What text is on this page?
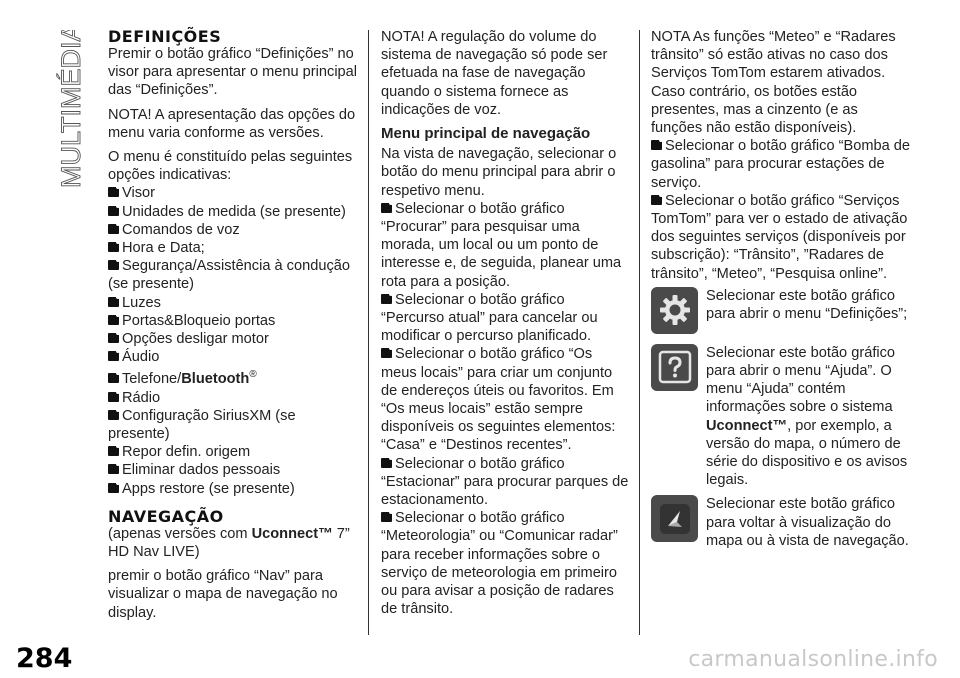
MULTIMÉDIA
284
DEFINIÇÕES

Premir o botão gráfico “Definições” no visor para apresentar o menu principal das “Definições”.

NOTA! A apresentação das opções do menu varia conforme as versões.

O menu é constituído pelas seguintes opções indicativas:

Visor
Unidades de medida (se presente)
Comandos de voz
Hora e Data;
Segurança/Assistência à condução (se presente)
Luzes
Portas&Bloqueio portas
Opções desligar motor
Áudio
Telefone/Bluetooth®
Rádio
Configuração SiriusXM (se presente)
Repor defin. origem
Eliminar dados pessoais
Apps restore (se presente)
NAVEGAÇÃO

(apenas versões com Uconnect™ 7” HD Nav LIVE)

premir o botão gráfico “Nav” para visualizar o mapa de navegação no display.

NOTA! A regulação do volume do sistema de navegação só pode ser efetuada na fase de navegação quando o sistema fornece as indicações de voz.

Menu principal de navegação

Na vista de navegação, selecionar o botão do menu principal para abrir o respetivo menu.

Selecionar o botão gráfico “Procurar” para pesquisar uma morada, um local ou um ponto de interesse e, de seguida, planear uma rota para a posição.
Selecionar o botão gráfico “Percurso atual” para cancelar ou modificar o percurso planificado.
Selecionar o botão gráfico “Os meus locais” para criar um conjunto de endereços úteis ou favoritos. Em “Os meus locais” estão sempre disponíveis os seguintes elementos: “Casa” e “Destinos recentes”.
Selecionar o botão gráfico “Estacionar” para procurar parques de estacionamento.
Selecionar o botão gráfico “Meteorologia” ou “Comunicar radar” para receber informações sobre o serviço de meteorologia em primeiro ou para avisar a posição de radares de trânsito.

NOTA As funções “Meteo” e “Radares trânsito” só estão ativas no caso dos Serviços TomTom estarem ativados. Caso contrário, os botões estão presentes, mas a cinzento (e as funções não estão disponíveis).

Selecionar o botão gráfico “Bomba de gasolina” para procurar estações de serviço.
Selecionar o botão gráfico “Serviços TomTom” para ver o estado de ativação dos seguintes serviços (disponíveis por subscrição): “Trânsito”, ”Radares de trânsito”, “Meteo”, “Pesquisa online”.
Selecionar este botão gráfico para abrir o menu “Definições”;
Selecionar este botão gráfico para abrir o menu “Ajuda”. O menu “Ajuda” contém informações sobre o sistema Uconnect™, por exemplo, a versão do mapa, o número de série do dispositivo e os avisos legais.
Selecionar este botão gráfico para voltar à visualização do mapa ou à vista de navegação.
carmanualsonline.info
